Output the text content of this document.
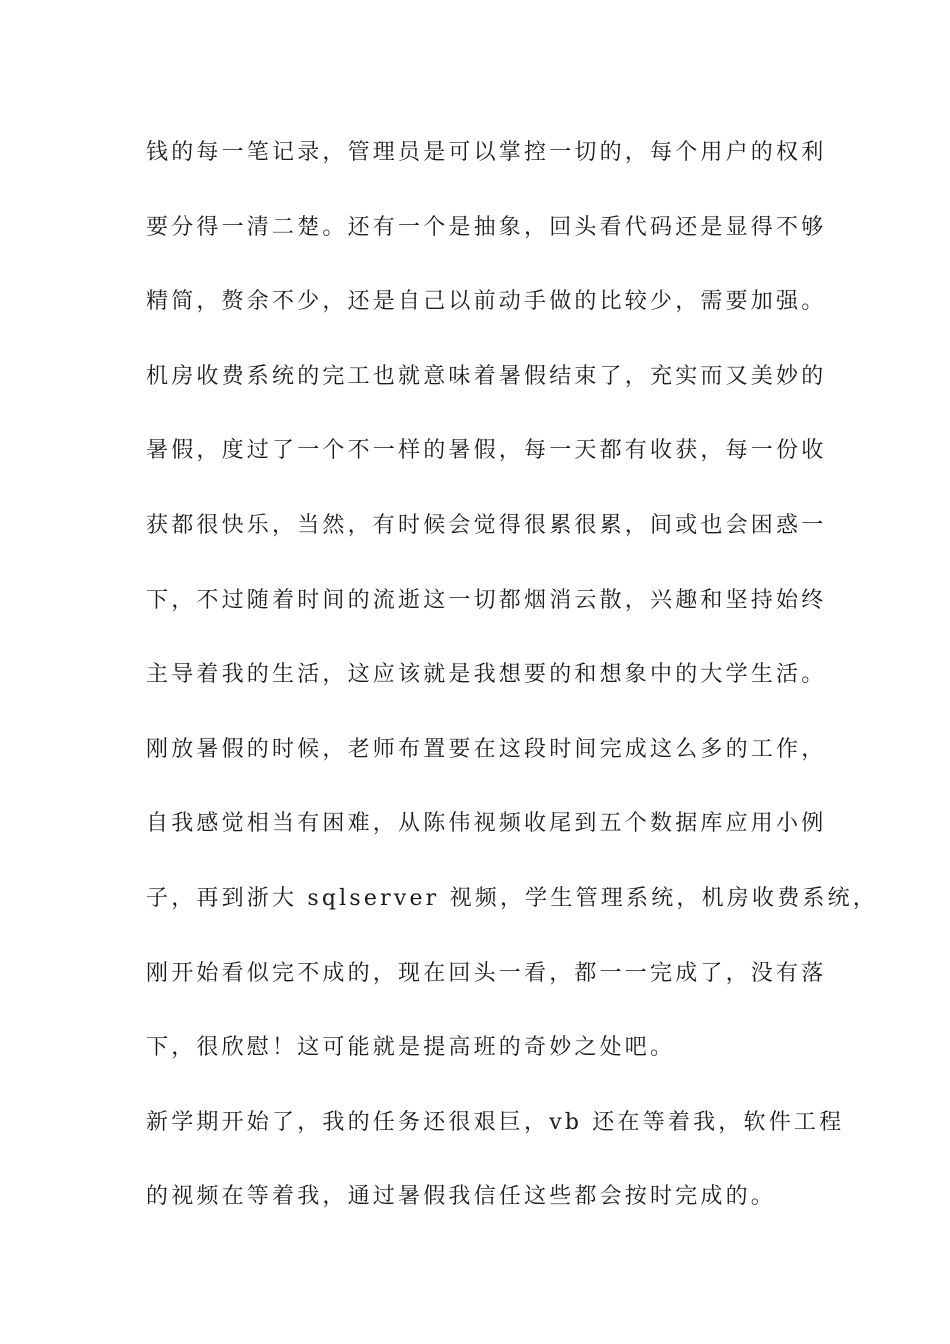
钱的每一笔记录，管理员是可以掌控一切的，每个用户的权利
要分得一清二楚。还有一个是抽象，回头看代码还是显得不够
精简，赘余不少，还是自己以前动手做的比较少，需要加强。
机房收费系统的完工也就意味着暑假结束了，充实而又美妙的
暑假，度过了一个不一样的暑假，每一天都有收获，每一份收
获都很快乐，当然，有时候会觉得很累很累，间或也会困惑一
下，不过随着时间的流逝这一切都烟消云散，兴趣和坚持始终
主导着我的生活，这应该就是我想要的和想象中的大学生活。
刚放暑假的时候，老师布置要在这段时间完成这么多的工作，
自我感觉相当有困难，从陈伟视频收尾到五个数据库应用小例
子，再到浙大 sqlserver 视频，学生管理系统，机房收费系统，
刚开始看似完不成的，现在回头一看，都一一完成了，没有落
下，很欣慰！这可能就是提高班的奇妙之处吧。
新学期开始了，我的任务还很艰巨，vb 还在等着我，软件工程
的视频在等着我，通过暑假我信任这些都会按时完成的。
